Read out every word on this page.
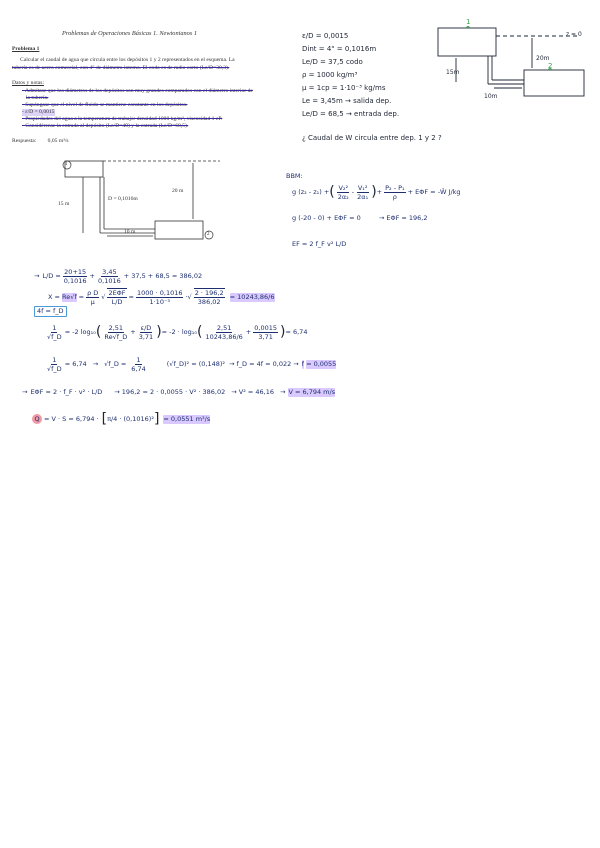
Problemas de Operaciones Básicas 1. Newtonianos 1
Problema 1
Calcular el caudal de agua que circula entre los depósitos 1 y 2 representados en el esquema. La
tubería es de acero comercial, con 4" de diámetro interno. El codo es de radio corto (Le/D=30,3).
Datos y notas:
- Admítase que los diámetros de los depósitos son muy grandes comparados con el diámetro interior de
la tubería.
- Supóngase que el nivel de fluido se mantiene constante en los depósitos.
- ε/D = 0,0015
- Propiedades del agua a la temperatura de trabajo: densidad 1000 kg/m³, viscosidad 1 cP.
- Considérense la entrada al depósito (Le/D=49) y la entrada (Le/D=68,5).
Respuesta: 0,05 m³/s
1
2
15 m
D = 0,1016m
20 m
10 m
ε/D = 0,0015
Dint = 4" = 0,1016m
Le/D = 37,5 codo
ρ = 1000 kg/m³
μ = 1cp = 1·10⁻³ kg/ms
Le = 3,45m → salida dep.
Le/D = 68,5 → entrada dep.
¿ Caudal de W circula entre dep. 1 y 2 ?
1
2
z = 0
20m
15m
10m
BBM:
g (z₂ - z₁) + ( $\frac{\text{V₂²}}{\text{2α₂}} - \frac{\text{V₁²}}{\text{2α₁}}$ ) + $\frac{\text{P₂ - P₁}}{\rho} + E\Phi F$ = -Ŵ J/kg
g (-20 - 0) + EΦF = 0	→ EΦF = 196,2
EF = 2 f_F v² L/D
→ $L/D = \frac{20+15}{0,1016} + \frac{3,45}{0,1016} + 37,5 + 68,5 = 386,02$
$X = Re√f = \frac{\text{ρ D}}{\mu}$ √ $\frac{\text{2EΦF}}{L/D} = \frac{1000 \cdot 0,1016}{\text{1·10⁻³}}$ ·√ $\frac{2 \cdot 196,2}{386,02} = 10243,86/6$
4f = f_D
$\frac{1}{√f\_D} = -2$ log₁₀ ( $\frac{2,51}{Re√f\_D} + \frac{\varepsilon/D}{3,71}$ ) = -2 · log₁₀ ( $\frac{2,51}{10243,86/6} + \frac{0,0015}{3,71}$ ) = 6,74
$\frac{1}{√f\_D} = 6,74$ → √f_D = $\frac{1}{6,74}$	(√f_D)² = (0,148)² → f_D = 4f = 0,022 → f = 0,0055
→ EΦF = 2 · f_F · v² · L/D → 196,2 = 2 · 0,0055 · V² · 386,02 → V² = 46,16 → V = 6,794 m/s
Q = V · S = 6,794 · [ π/4 · (0,1016)² ] = 0,0551 m³/s
